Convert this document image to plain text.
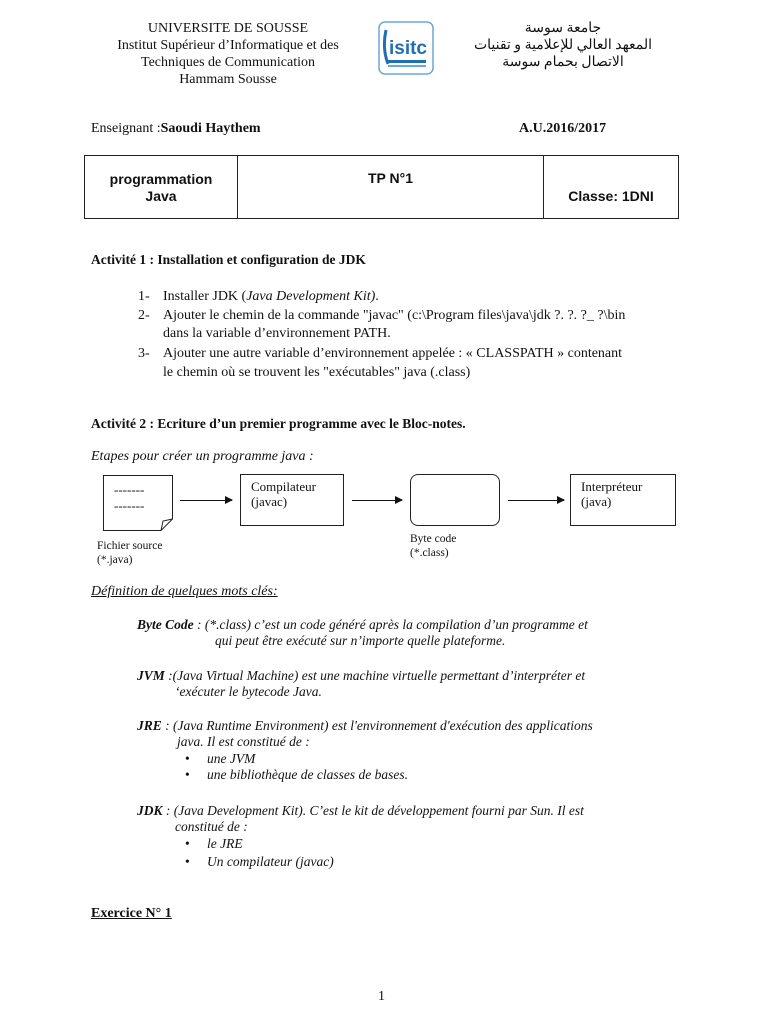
UNIVERSITE DE SOUSSE
Institut Supérieur d’Informatique et des
Techniques de Communication
Hammam Sousse
isitc
جامعة سوسة
المعهد العالي للإعلامية و تقنيات
الاتصال بحمام سوسة
Enseignant :Saoudi Haythem	A.U.2016/2017
programmation
Java
TP N°1
Classe: 1DNI
Activité 1 : Installation et configuration de JDK
1- Installer JDK (Java Development Kit).
2- Ajouter le chemin de la commande "javac" (c:\Program files\java\jdk ?. ?. ?_ ?\bin
dans la variable d’environnement PATH.
3- Ajouter une autre variable d’environnement appelée : « CLASSPATH » contenant
le chemin où se trouvent les "exécutables" java (.class)
Activité 2 : Ecriture d’un premier programme avec le Bloc-notes.
Etapes pour créer un programme java :
-------
-------
Fichier source
(*.java)
Compilateur
(javac)
Byte code
(*.class)
Interpréteur
(java)
Définition de quelques mots clés:
Byte Code : (*.class) c’est un code généré après la compilation d’un programme et
qui peut être exécuté sur n’importe quelle plateforme.
JVM :(Java Virtual Machine) est une machine virtuelle permettant d’interpréter et
‘exécuter le bytecode Java.
JRE : (Java Runtime Environment) est l'environnement d'exécution des applications
java. Il est constitué de :
• une JVM
• une bibliothèque de classes de bases.
JDK : (Java Development Kit). C’est le kit de développement fourni par Sun. Il est
constitué de :
• le JRE
• Un compilateur (javac)
Exercice N° 1
1
